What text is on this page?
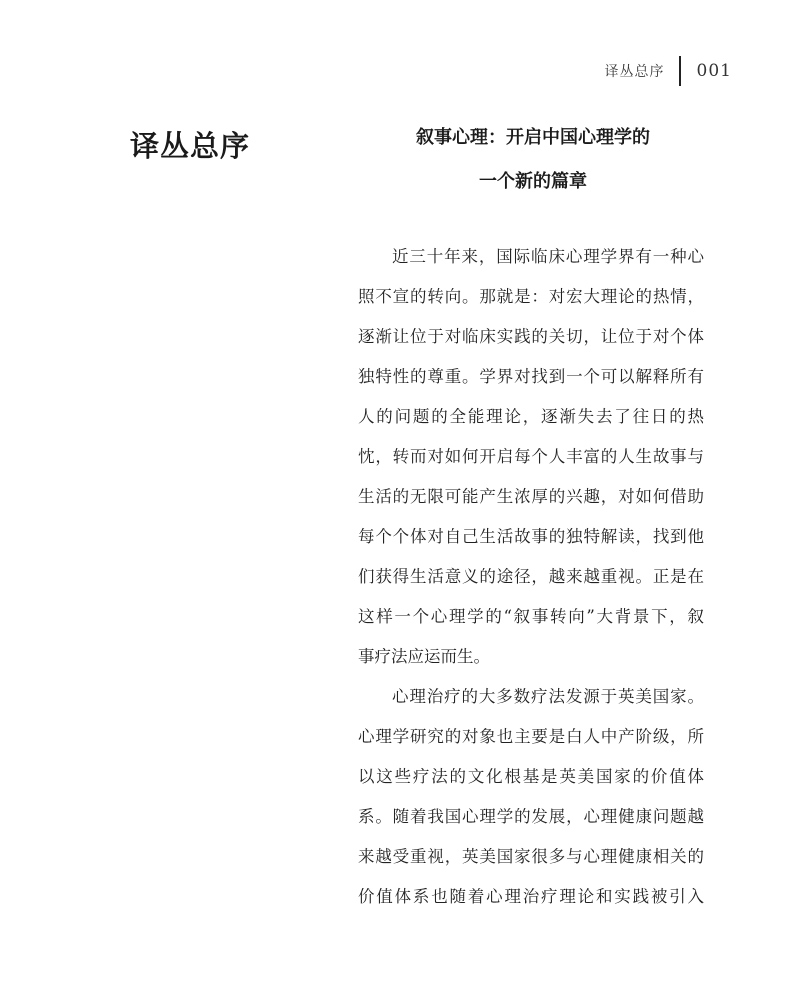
译丛总序 001
译丛总序	叙事心理：开启中国心理学的
一个新的篇章
近三十年来，国际临床心理学界有一种心
照不宣的转向。那就是：对宏大理论的热情，
逐渐让位于对临床实践的关切，让位于对个体
独特性的尊重。学界对找到一个可以解释所有
人的问题的全能理论，逐渐失去了往日的热
忱，转而对如何开启每个人丰富的人生故事与
生活的无限可能产生浓厚的兴趣，对如何借助
每个个体对自己生活故事的独特解读，找到他
们获得生活意义的途径，越来越重视。正是在
这样一个心理学的“叙事转向”大背景下，叙
事疗法应运而生。
心理治疗的大多数疗法发源于英美国家。
心理学研究的对象也主要是白人中产阶级，所
以这些疗法的文化根基是英美国家的价值体
系。随着我国心理学的发展，心理健康问题越
来越受重视，英美国家很多与心理健康相关的
价值体系也随着心理治疗理论和实践被引入
